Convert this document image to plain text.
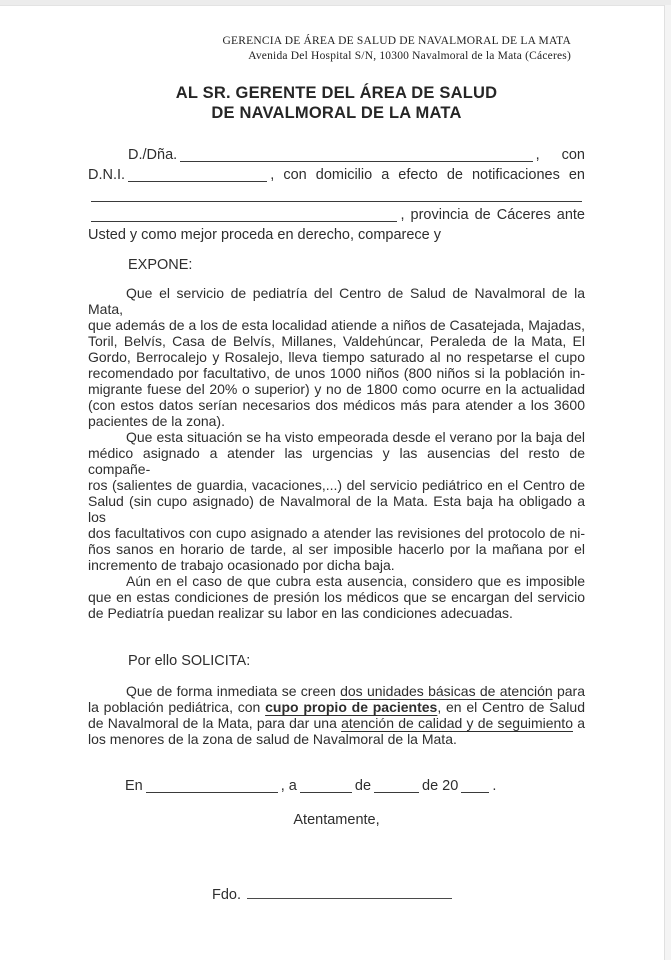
GERENCIA DE ÁREA DE SALUD DE NAVALMORAL DE LA MATA
Avenida Del Hospital S/N, 10300 Navalmoral de la Mata (Cáceres)
AL SR. GERENTE DEL ÁREA DE SALUD
DE NAVALMORAL DE LA MATA
D./Dña.	, con
D.N.I.	, con domicilio a efecto de notificaciones en
, provincia de Cáceres ante
Usted y como mejor proceda en derecho, comparece y
EXPONE:
Que el servicio de pediatría del Centro de Salud de Navalmoral de la Mata,
que además de a los de esta localidad atiende a niños de Casatejada, Majadas,
Toril, Belvís, Casa de Belvís, Millanes, Valdehúncar, Peraleda de la Mata, El
Gordo, Berrocalejo y Rosalejo, lleva tiempo saturado al no respetarse el cupo
recomendado por facultativo, de unos 1000 niños (800 niños si la población in-
migrante fuese del 20% o superior) y no de 1800 como ocurre en la actualidad
(con estos datos serían necesarios dos médicos más para atender a los 3600
pacientes de la zona).
Que esta situación se ha visto empeorada desde el verano por la baja del
médico asignado a atender las urgencias y las ausencias del resto de compañe-
ros (salientes de guardia, vacaciones,...) del servicio pediátrico en el Centro de
Salud (sin cupo asignado) de Navalmoral de la Mata. Esta baja ha obligado a los
dos facultativos con cupo asignado a atender las revisiones del protocolo de ni-
ños sanos en horario de tarde, al ser imposible hacerlo por la mañana por el
incremento de trabajo ocasionado por dicha baja.
Aún en el caso de que cubra esta ausencia, considero que es imposible
que en estas condiciones de presión los médicos que se encargan del servicio
de Pediatría puedan realizar su labor en las condiciones adecuadas.
Por ello SOLICITA:
Que de forma inmediata se creen dos unidades básicas de atención para
la población pediátrica, con cupo propio de pacientes, en el Centro de Salud
de Navalmoral de la Mata, para dar una atención de calidad y de seguimiento a
los menores de la zona de salud de Navalmoral de la Mata.
En	, a	de	de 20 .
Atentamente,
Fdo.
